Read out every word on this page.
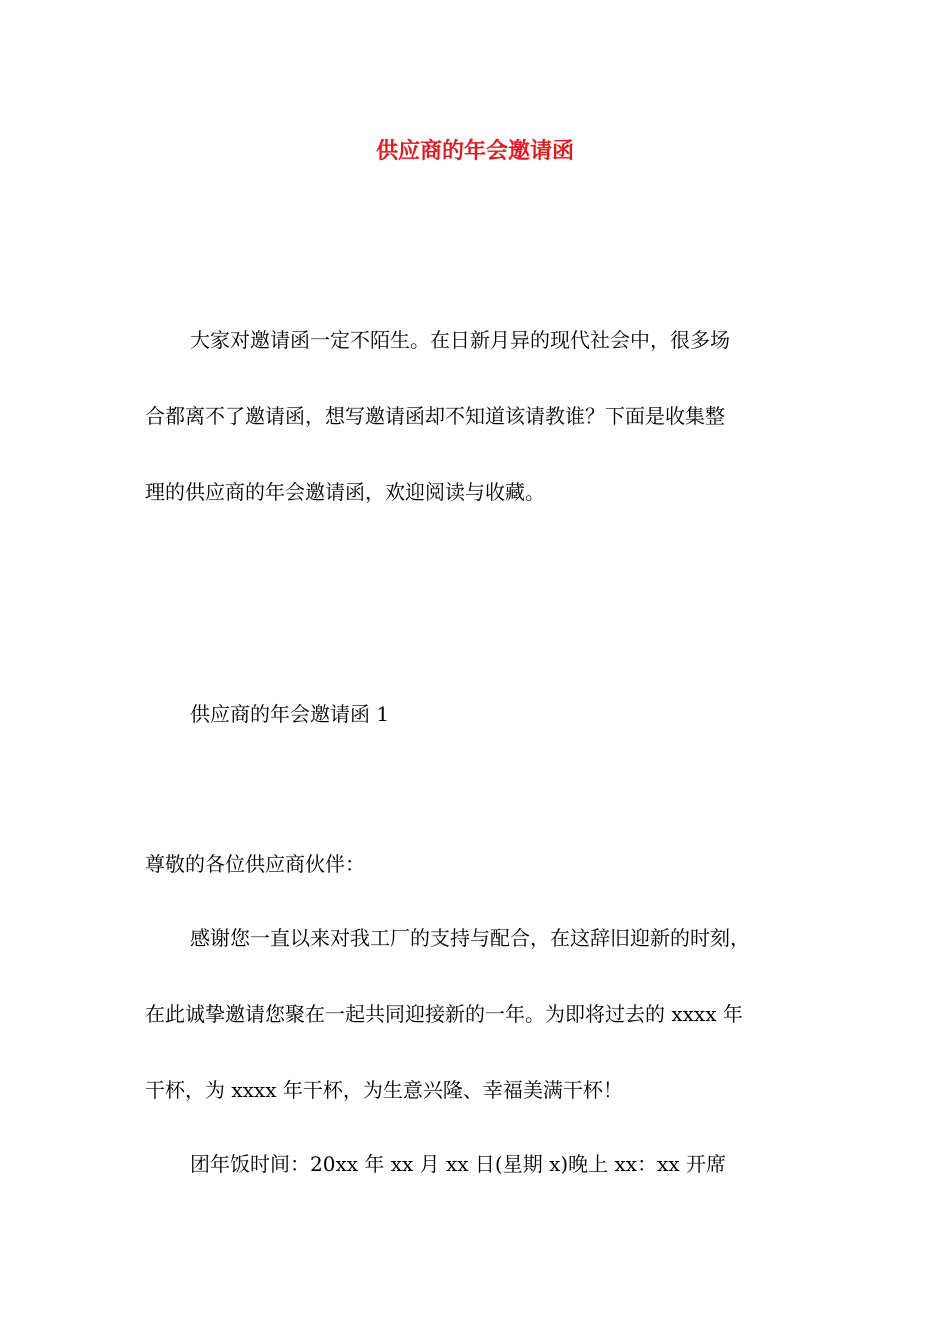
供应商的年会邀请函

大家对邀请函一定不陌生。在日新月异的现代社会中，很多场

合都离不了邀请函，想写邀请函却不知道该请教谁？下面是收集整

理的供应商的年会邀请函，欢迎阅读与收藏。

供应商的年会邀请函 1

尊敬的各位供应商伙伴：

感谢您一直以来对我工厂的支持与配合，在这辞旧迎新的时刻，

在此诚挚邀请您聚在一起共同迎接新的一年。为即将过去的 xxxx 年

干杯，为 xxxx 年干杯，为生意兴隆、幸福美满干杯！

团年饭时间：20xx 年 xx 月 xx 日(星期 x)晚上 xx：xx 开席
